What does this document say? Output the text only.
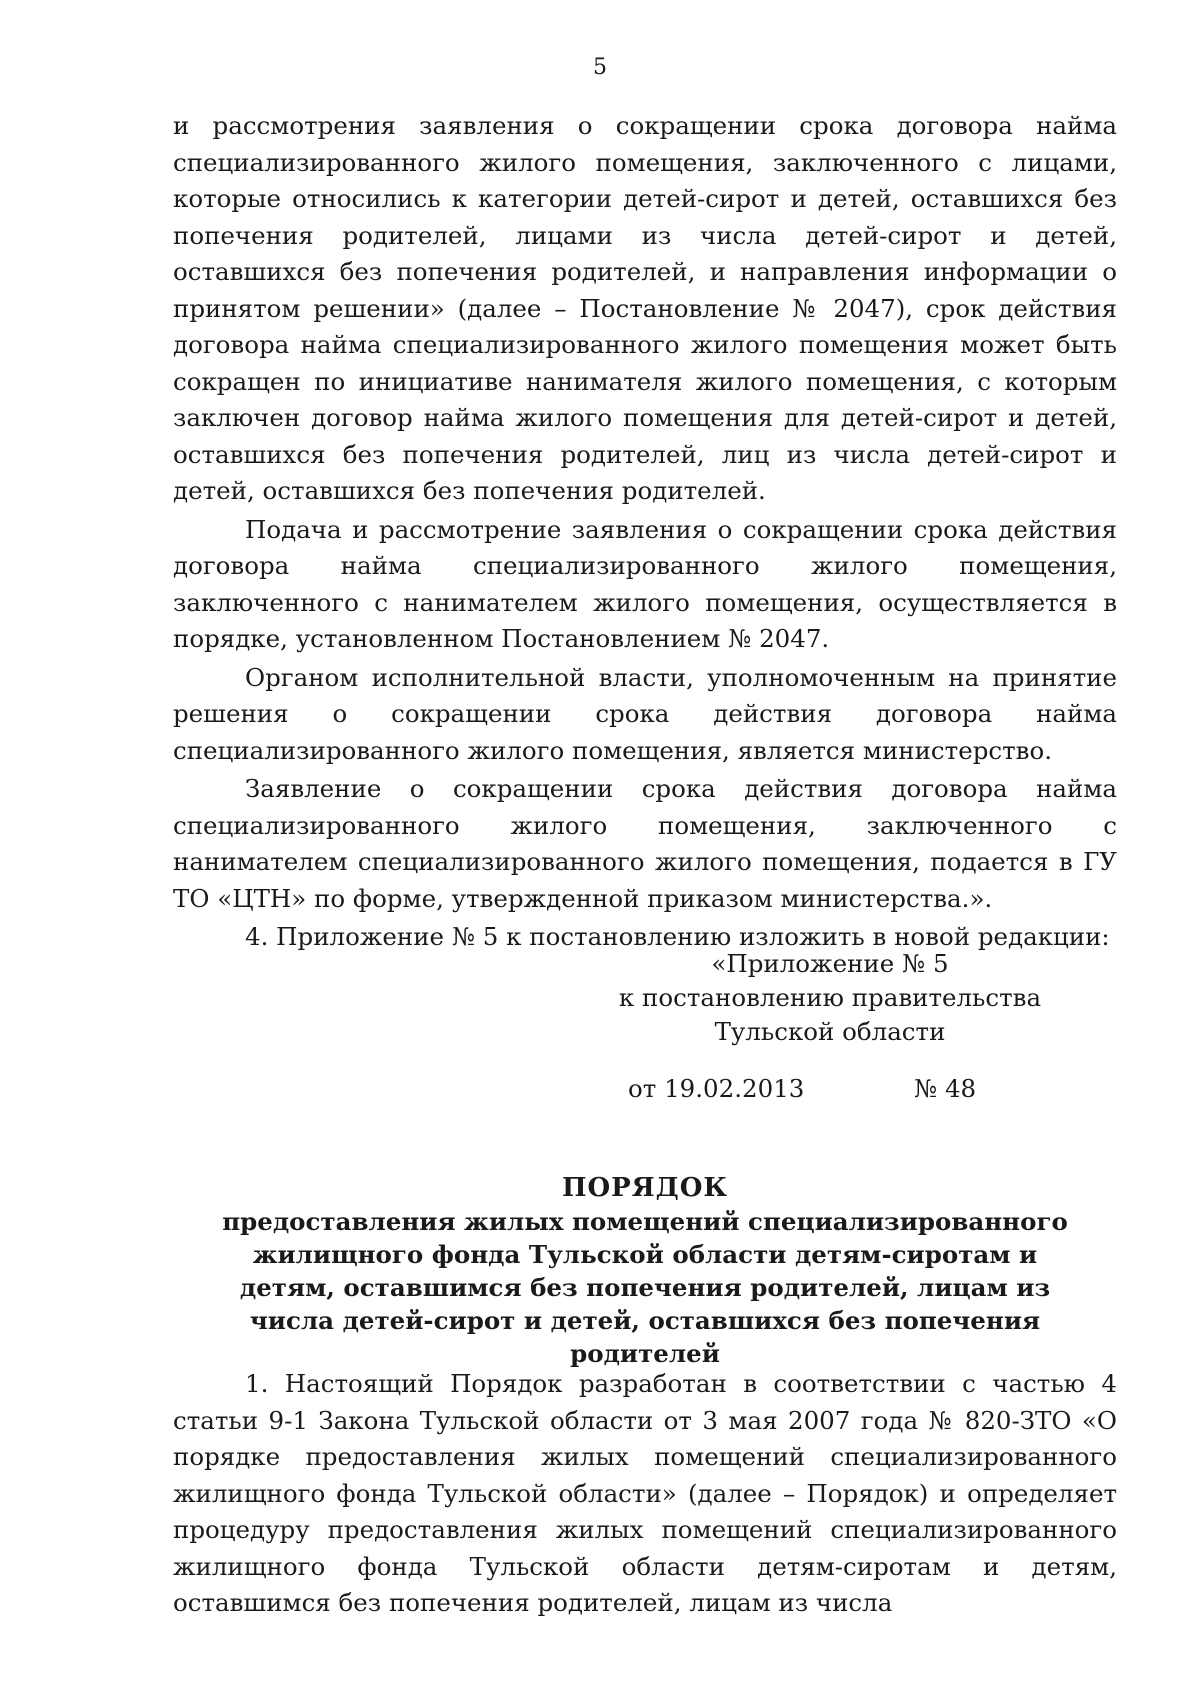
5

и рассмотрения заявления о сокращении срока договора найма специализированного жилого помещения, заключенного с лицами, которые относились к категории детей-сирот и детей, оставшихся без попечения родителей, лицами из числа детей-сирот и детей, оставшихся без попечения родителей, и направления информации о принятом решении» (далее – Постановление № 2047), срок действия договора найма специализированного жилого помещения может быть сокращен по инициативе нанимателя жилого помещения, с которым заключен договор найма жилого помещения для детей-сирот и детей, оставшихся без попечения родителей, лиц из числа детей-сирот и детей, оставшихся без попечения родителей.

Подача и рассмотрение заявления о сокращении срока действия договора найма специализированного жилого помещения, заключенного с нанимателем жилого помещения, осуществляется в порядке, установленном Постановлением № 2047.

Органом исполнительной власти, уполномоченным на принятие решения о сокращении срока действия договора найма специализированного жилого помещения, является министерство.

Заявление о сокращении срока действия договора найма специализированного жилого помещения, заключенного с нанимателем специализированного жилого помещения, подается в ГУ ТО «ЦТН» по форме, утвержденной приказом министерства.».

4. Приложение № 5 к постановлению изложить в новой редакции:

«Приложение № 5
к постановлению правительства
Тульской области
от 19.02.2013	№ 48
ПОРЯДОК
предоставления жилых помещений специализированного жилищного фонда Тульской области детям-сиротам и детям, оставшимся без попечения родителей, лицам из числа детей-сирот и детей, оставшихся без попечения родителей
1. Настоящий Порядок разработан в соответствии с частью 4 статьи 9-1 Закона Тульской области от 3 мая 2007 года № 820-ЗТО «О порядке предоставления жилых помещений специализированного жилищного фонда Тульской области» (далее – Порядок) и определяет процедуру предоставления жилых помещений специализированного жилищного фонда Тульской области детям-сиротам и детям, оставшимся без попечения родителей, лицам из числа
